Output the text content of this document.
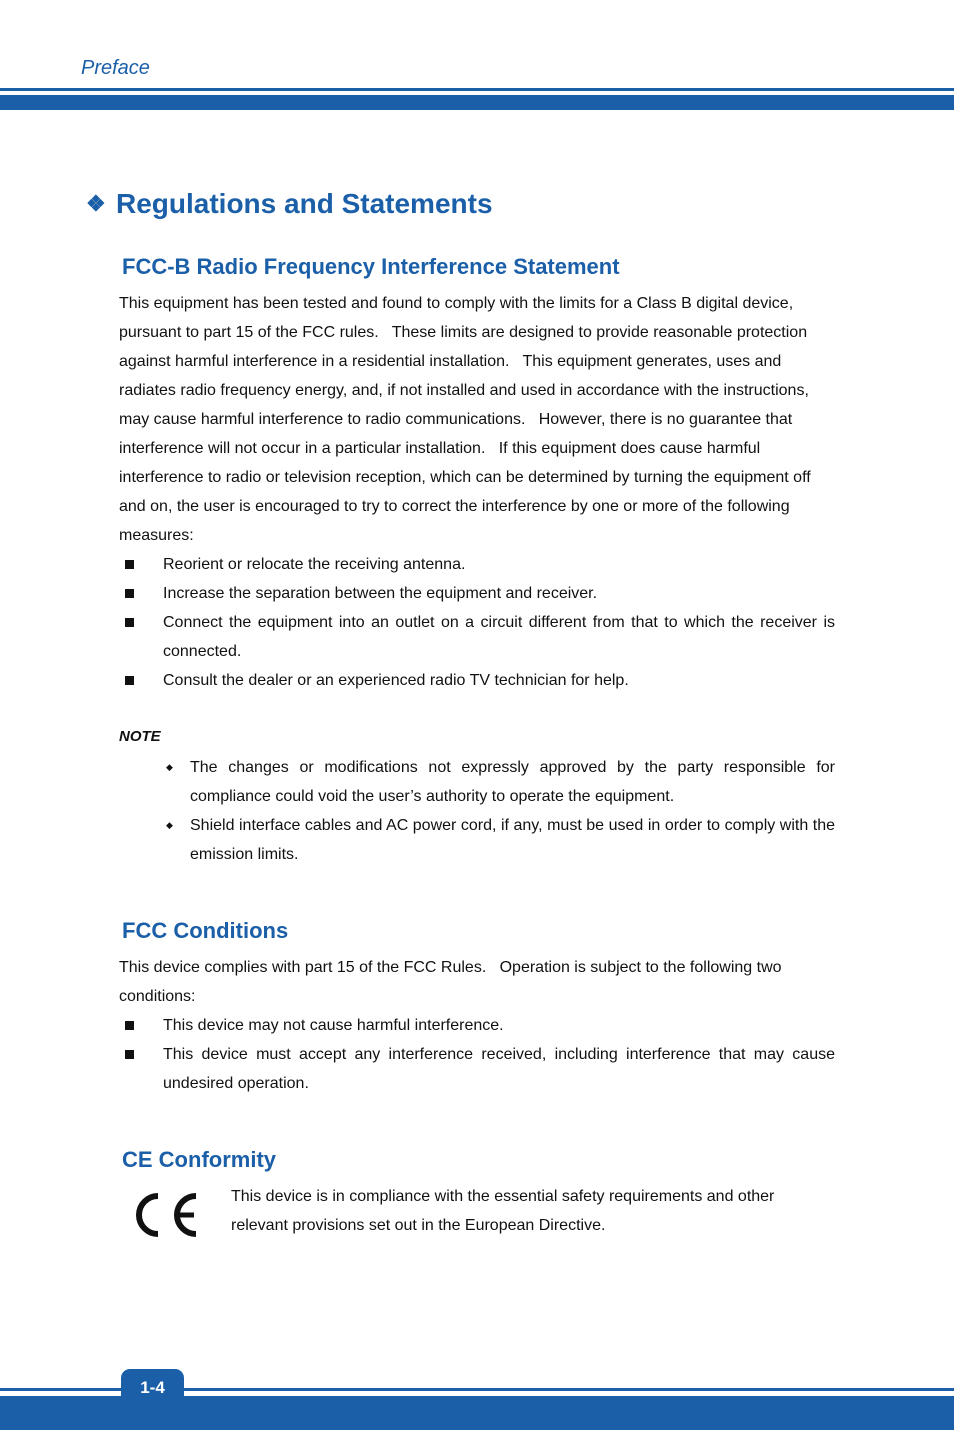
Preface
❖ Regulations and Statements
FCC-B Radio Frequency Interference Statement
This equipment has been tested and found to comply with the limits for a Class B digital device, pursuant to part 15 of the FCC rules.   These limits are designed to provide reasonable protection against harmful interference in a residential installation.   This equipment generates, uses and radiates radio frequency energy, and, if not installed and used in accordance with the instructions, may cause harmful interference to radio communications.   However, there is no guarantee that interference will not occur in a particular installation.   If this equipment does cause harmful interference to radio or television reception, which can be determined by turning the equipment off and on, the user is encouraged to try to correct the interference by one or more of the following measures:
Reorient or relocate the receiving antenna.
Increase the separation between the equipment and receiver.
Connect the equipment into an outlet on a circuit different from that to which the receiver is connected.
Consult the dealer or an experienced radio TV technician for help.
NOTE
◆ The changes or modifications not expressly approved by the party responsible for compliance could void the user’s authority to operate the equipment.
◆ Shield interface cables and AC power cord, if any, must be used in order to comply with the emission limits.
FCC Conditions
This device complies with part 15 of the FCC Rules.   Operation is subject to the following two conditions:
This device may not cause harmful interference.
This device must accept any interference received, including interference that may cause undesired operation.
CE Conformity
This device is in compliance with the essential safety requirements and other relevant provisions set out in the European Directive.
1-4
